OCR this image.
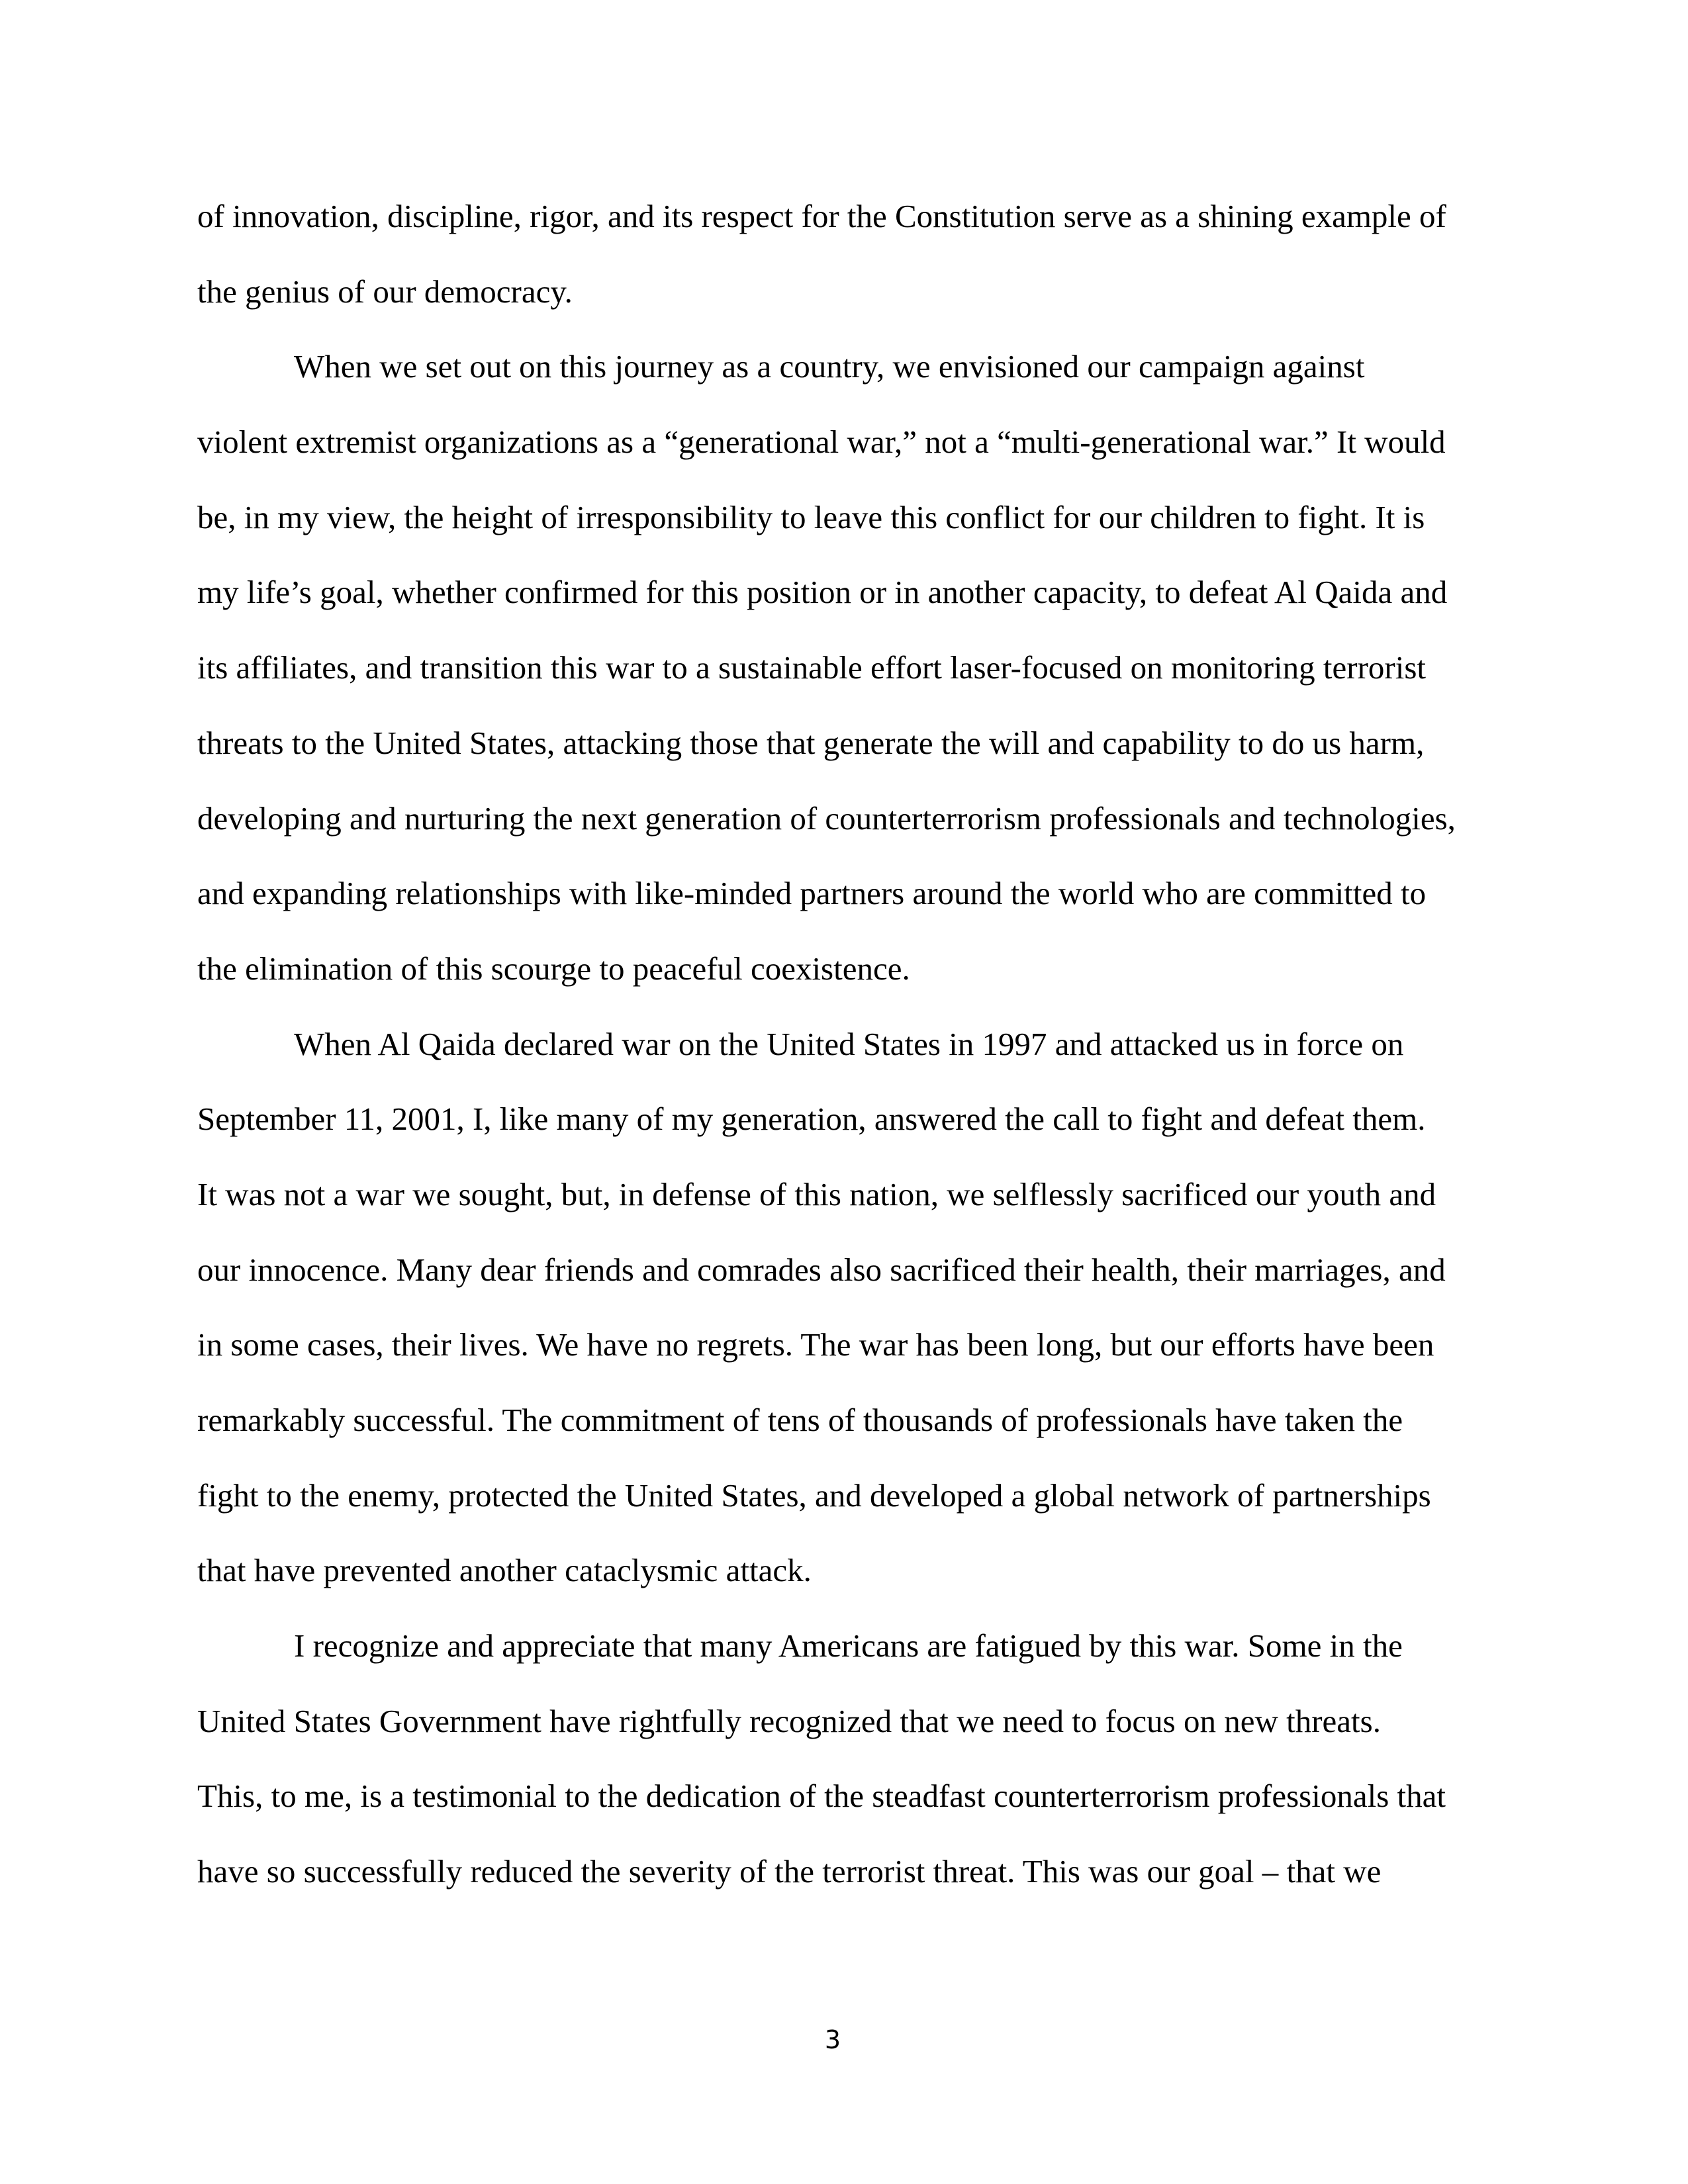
of innovation, discipline, rigor, and its respect for the Constitution serve as a shining example of
the genius of our democracy.
When we set out on this journey as a country, we envisioned our campaign against
violent extremist organizations as a “generational war,” not a “multi-generational war.” It would
be, in my view, the height of irresponsibility to leave this conflict for our children to fight. It is
my life’s goal, whether confirmed for this position or in another capacity, to defeat Al Qaida and
its affiliates, and transition this war to a sustainable effort laser-focused on monitoring terrorist
threats to the United States, attacking those that generate the will and capability to do us harm,
developing and nurturing the next generation of counterterrorism professionals and technologies,
and expanding relationships with like-minded partners around the world who are committed to
the elimination of this scourge to peaceful coexistence.
When Al Qaida declared war on the United States in 1997 and attacked us in force on
September 11, 2001, I, like many of my generation, answered the call to fight and defeat them.
It was not a war we sought, but, in defense of this nation, we selflessly sacrificed our youth and
our innocence. Many dear friends and comrades also sacrificed their health, their marriages, and
in some cases, their lives. We have no regrets. The war has been long, but our efforts have been
remarkably successful. The commitment of tens of thousands of professionals have taken the
fight to the enemy, protected the United States, and developed a global network of partnerships
that have prevented another cataclysmic attack.
I recognize and appreciate that many Americans are fatigued by this war. Some in the
United States Government have rightfully recognized that we need to focus on new threats.
This, to me, is a testimonial to the dedication of the steadfast counterterrorism professionals that
have so successfully reduced the severity of the terrorist threat. This was our goal – that we
3
